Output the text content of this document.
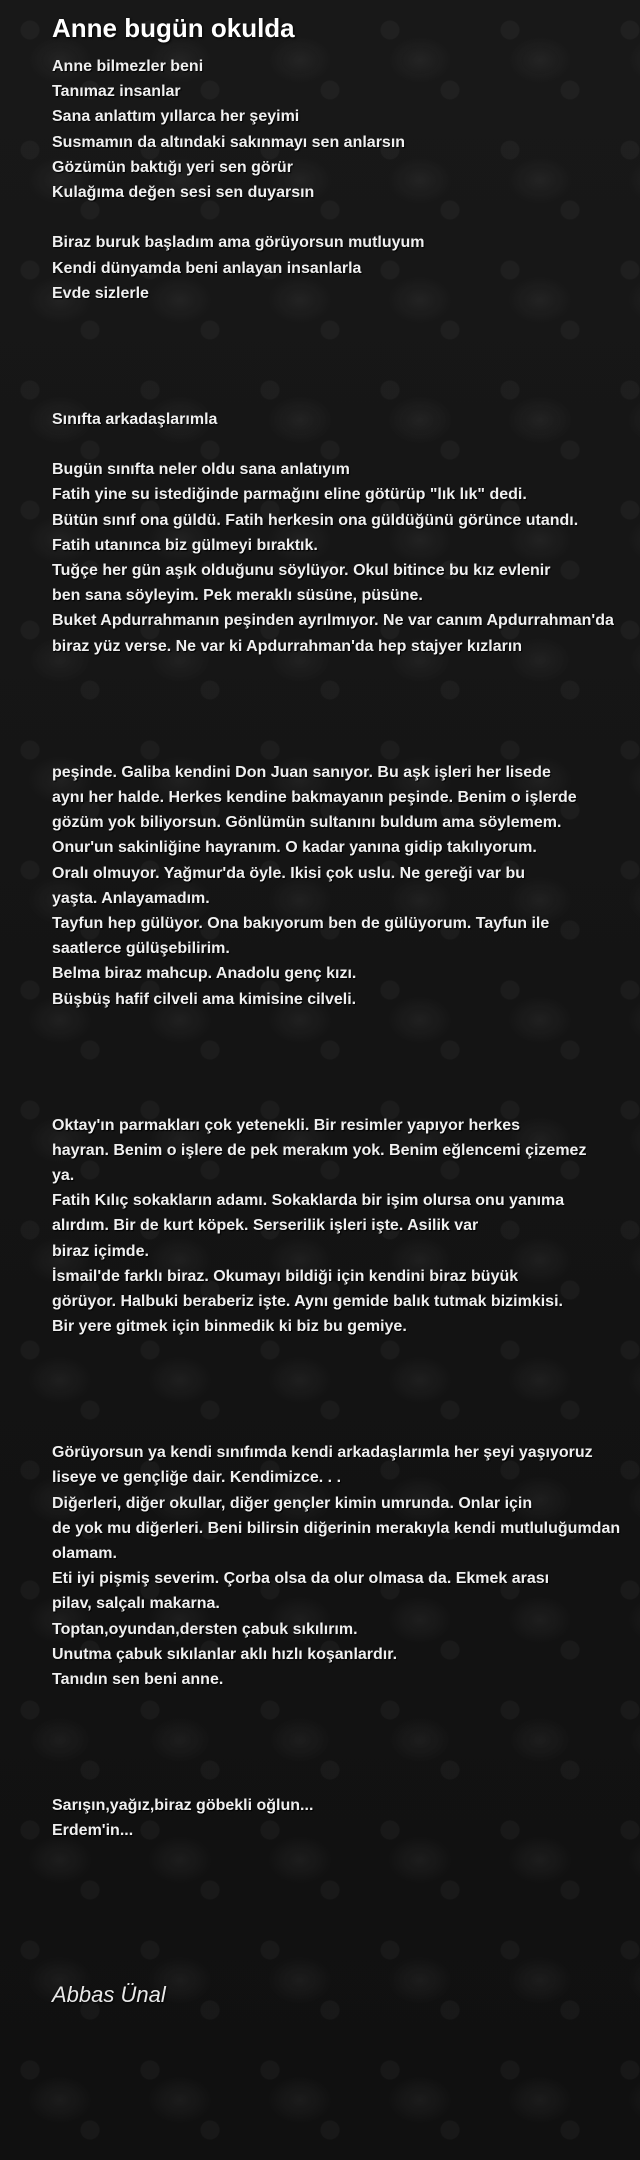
Anne bugün okulda
Anne bilmezler beni
Tanımaz insanlar
Sana anlattım yıllarca her şeyimi
Susmamın da altındaki sakınmayı sen anlarsın
Gözümün baktığı yeri sen görür
Kulağıma değen sesi sen duyarsın

Biraz buruk başladım ama görüyorsun mutluyum
Kendi dünyamda beni anlayan insanlarla
Evde sizlerle

Sınıfta arkadaşlarımla

Bugün sınıfta neler oldu sana anlatıyım
Fatih yine su istediğinde parmağını eline götürüp "lık lık" dedi.
Bütün sınıf ona güldü. Fatih herkesin ona güldüğünü görünce utandı.
Fatih utanınca biz gülmeyi bıraktık.
Tuğçe her gün aşık olduğunu söylüyor. Okul bitince bu kız evlenir
ben sana söyleyim. Pek meraklı süsüne, püsüne.
Buket Apdurrahmanın peşinden ayrılmıyor. Ne var canım Apdurrahman'da
biraz yüz verse. Ne var ki Apdurrahman'da hep stajyer kızların

peşinde. Galiba kendini Don Juan sanıyor. Bu aşk işleri her lisede
aynı her halde. Herkes kendine bakmayanın peşinde. Benim o işlerde
gözüm yok biliyorsun. Gönlümün sultanını buldum ama söylemem.
Onur'un sakinliğine hayranım. O kadar yanına gidip takılıyorum.
Oralı olmuyor. Yağmur'da öyle. Ikisi çok uslu. Ne gereği var bu
yaşta. Anlayamadım.
Tayfun hep gülüyor. Ona bakıyorum ben de gülüyorum. Tayfun ile
saatlerce gülüşebilirim.
Belma biraz mahcup. Anadolu genç kızı.
Büşbüş hafif cilveli ama kimisine cilveli.

Oktay'ın parmakları çok yetenekli. Bir resimler yapıyor herkes
hayran. Benim o işlere de pek merakım yok. Benim eğlencemi çizemez
ya.
Fatih Kılıç sokakların adamı. Sokaklarda bir işim olursa onu yanıma
alırdım. Bir de kurt köpek. Serserilik işleri işte. Asilik var
biraz içimde.
İsmail'de farklı biraz. Okumayı bildiği için kendini biraz büyük
görüyor. Halbuki beraberiz işte. Aynı gemide balık tutmak bizimkisi.
Bir yere gitmek için binmedik ki biz bu gemiye.

Görüyorsun ya kendi sınıfımda kendi arkadaşlarımla her şeyi yaşıyoruz
liseye ve gençliğe dair. Kendimizce. . .
Diğerleri, diğer okullar, diğer gençler kimin umrunda. Onlar için
de yok mu diğerleri. Beni bilirsin diğerinin merakıyla kendi mutluluğumdan
olamam.
Eti iyi pişmiş severim. Çorba olsa da olur olmasa da. Ekmek arası
pilav, salçalı makarna.
Toptan,oyundan,dersten çabuk sıkılırım.
Unutma çabuk sıkılanlar aklı hızlı koşanlardır.
Tanıdın sen beni anne.

Sarışın,yağız,biraz göbekli oğlun...
Erdem'in...

Abbas Ünal
